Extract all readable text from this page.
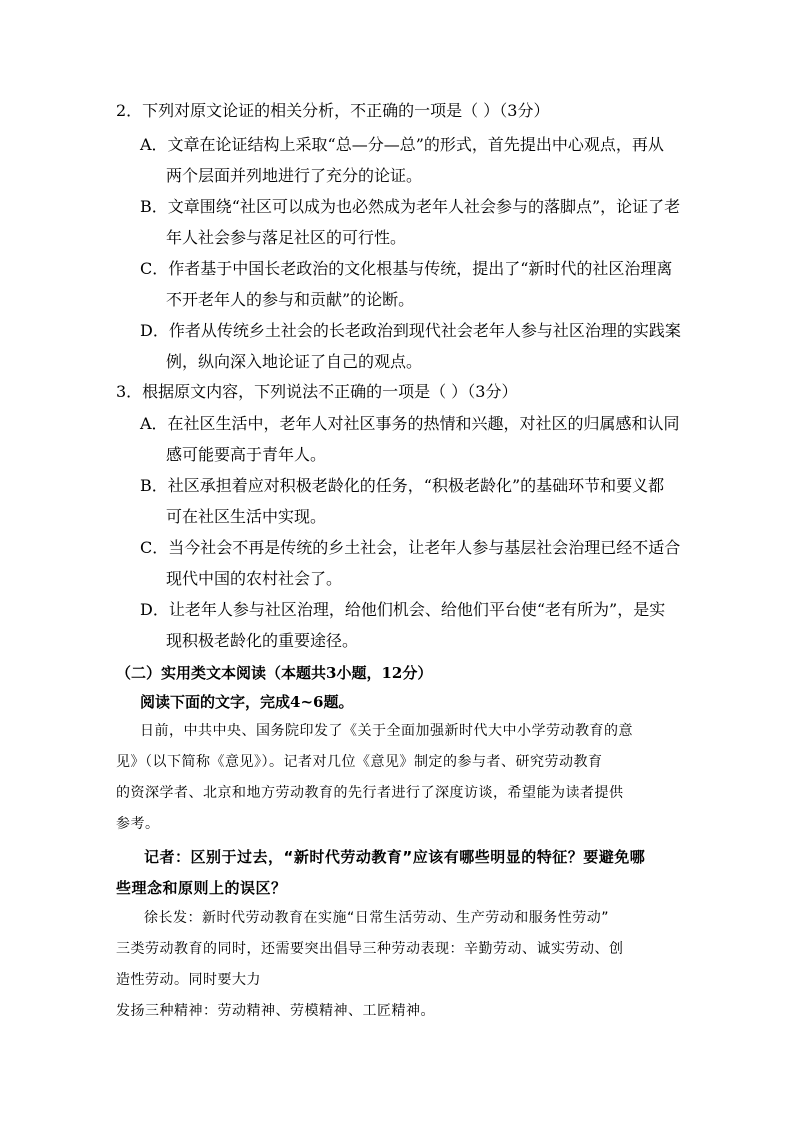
2．下列对原文论证的相关分析，不正确的一项是（ ）（3分）
A．文章在论证结构上采取“总—分—总”的形式，首先提出中心观点，再从
两个层面并列地进行了充分的论证。
B．文章围绕“社区可以成为也必然成为老年人社会参与的落脚点”，论证了老
年人社会参与落足社区的可行性。
C．作者基于中国长老政治的文化根基与传统，提出了“新时代的社区治理离
不开老年人的参与和贡献”的论断。
D．作者从传统乡土社会的长老政治到现代社会老年人参与社区治理的实践案
例，纵向深入地论证了自己的观点。
3．根据原文内容，下列说法不正确的一项是（ ）（3分）
A．在社区生活中，老年人对社区事务的热情和兴趣，对社区的归属感和认同
感可能要高于青年人。
B．社区承担着应对积极老龄化的任务，“积极老龄化”的基础环节和要义都
可在社区生活中实现。
C．当今社会不再是传统的乡土社会，让老年人参与基层社会治理已经不适合
现代中国的农村社会了。
D．让老年人参与社区治理，给他们机会、给他们平台使“老有所为”，是实
现积极老龄化的重要途径。
（二）实用类文本阅读（本题共3小题，12分）
阅读下面的文字，完成4~6题。
日前，中共中央、国务院印发了《关于全面加强新时代大中小学劳动教育的意
见》（以下简称《意见》）。记者对几位《意见》制定的参与者、研究劳动教育
的资深学者、北京和地方劳动教育的先行者进行了深度访谈，希望能为读者提供
参考。
记者：区别于过去，“新时代劳动教育”应该有哪些明显的特征？要避免哪
些理念和原则上的误区？
徐长发：新时代劳动教育在实施“日常生活劳动、生产劳动和服务性劳动”
三类劳动教育的同时，还需要突出倡导三种劳动表现：辛勤劳动、诚实劳动、创
造性劳动。同时要大力
发扬三种精神：劳动精神、劳模精神、工匠精神。
